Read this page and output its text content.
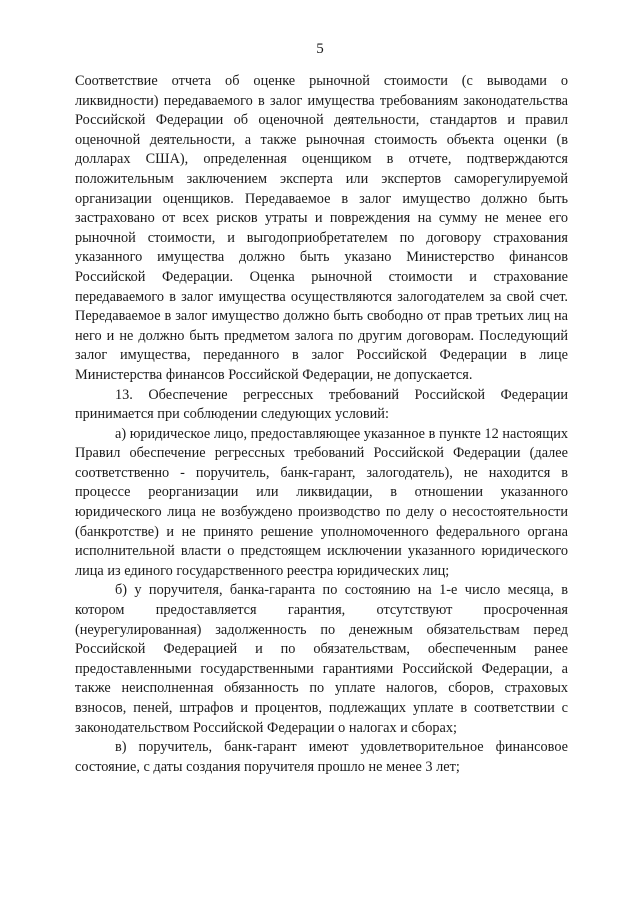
5

Соответствие отчета об оценке рыночной стоимости (с выводами о ликвидности) передаваемого в залог имущества требованиям законодательства Российской Федерации об оценочной деятельности, стандартов и правил оценочной деятельности, а также рыночная стоимость объекта оценки (в долларах США), определенная оценщиком в отчете, подтверждаются положительным заключением эксперта или экспертов саморегулируемой организации оценщиков. Передаваемое в залог имущество должно быть застраховано от всех рисков утраты и повреждения на сумму не менее его рыночной стоимости, и выгодоприобретателем по договору страхования указанного имущества должно быть указано Министерство финансов Российской Федерации. Оценка рыночной стоимости и страхование передаваемого в залог имущества осуществляются залогодателем за свой счет. Передаваемое в залог имущество должно быть свободно от прав третьих лиц на него и не должно быть предметом залога по другим договорам. Последующий залог имущества, переданного в залог Российской Федерации в лице Министерства финансов Российской Федерации, не допускается.

13. Обеспечение регрессных требований Российской Федерации принимается при соблюдении следующих условий:

а) юридическое лицо, предоставляющее указанное в пункте 12 настоящих Правил обеспечение регрессных требований Российской Федерации (далее соответственно - поручитель, банк-гарант, залогодатель), не находится в процессе реорганизации или ликвидации, в отношении указанного юридического лица не возбуждено производство по делу о несостоятельности (банкротстве) и не принято решение уполномоченного федерального органа исполнительной власти о предстоящем исключении указанного юридического лица из единого государственного реестра юридических лиц;

б) у поручителя, банка-гаранта по состоянию на 1-е число месяца, в котором предоставляется гарантия, отсутствуют просроченная (неурегулированная) задолженность по денежным обязательствам перед Российской Федерацией и по обязательствам, обеспеченным ранее предоставленными государственными гарантиями Российской Федерации, а также неисполненная обязанность по уплате налогов, сборов, страховых взносов, пеней, штрафов и процентов, подлежащих уплате в соответствии с законодательством Российской Федерации о налогах и сборах;

в) поручитель, банк-гарант имеют удовлетворительное финансовое состояние, с даты создания поручителя прошло не менее 3 лет;
